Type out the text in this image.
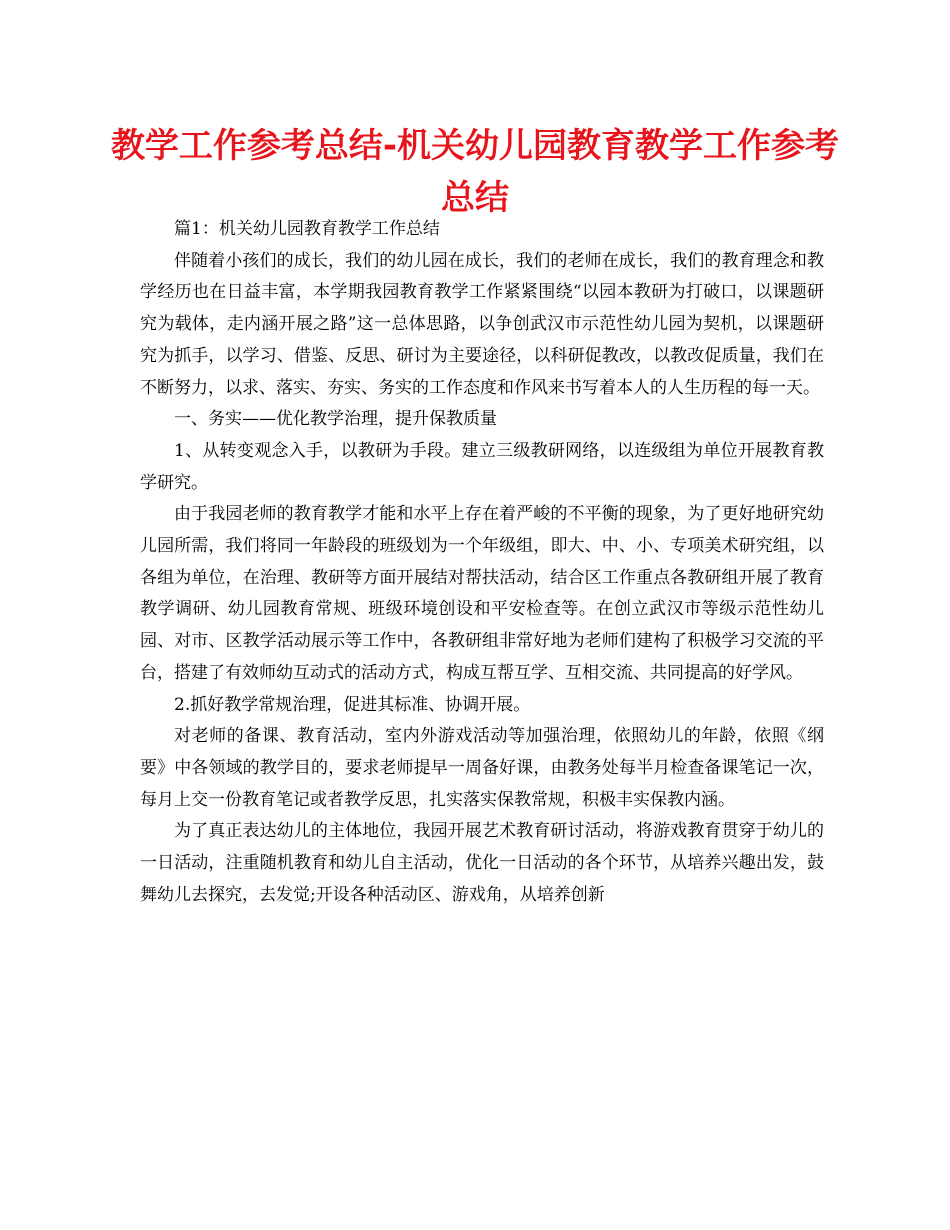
教学工作参考总结-机关幼儿园教育教学工作参考总结

篇1：机关幼儿园教育教学工作总结

伴随着小孩们的成长，我们的幼儿园在成长，我们的老师在成长，我们的教育理念和教学经历也在日益丰富，本学期我园教育教学工作紧紧围绕“以园本教研为打破口，以课题研究为载体，走内涵开展之路”这一总体思路，以争创武汉市示范性幼儿园为契机，以课题研究为抓手，以学习、借鉴、反思、研讨为主要途径，以科研促教改，以教改促质量，我们在不断努力，以求、落实、夯实、务实的工作态度和作风来书写着本人的人生历程的每一天。

一、务实——优化教学治理，提升保教质量

1、从转变观念入手，以教研为手段。建立三级教研网络，以连级组为单位开展教育教学研究。

由于我园老师的教育教学才能和水平上存在着严峻的不平衡的现象，为了更好地研究幼儿园所需，我们将同一年龄段的班级划为一个年级组，即大、中、小、专项美术研究组，以各组为单位，在治理、教研等方面开展结对帮扶活动，结合区工作重点各教研组开展了教育教学调研、幼儿园教育常规、班级环境创设和平安检查等。在创立武汉市等级示范性幼儿园、对市、区教学活动展示等工作中，各教研组非常好地为老师们建构了积极学习交流的平台，搭建了有效师幼互动式的活动方式，构成互帮互学、互相交流、共同提高的好学风。

2.抓好教学常规治理，促进其标准、协调开展。

对老师的备课、教育活动，室内外游戏活动等加强治理，依照幼儿的年龄，依照《纲要》中各领域的教学目的，要求老师提早一周备好课，由教务处每半月检查备课笔记一次，每月上交一份教育笔记或者教学反思，扎实落实保教常规，积极丰实保教内涵。

为了真正表达幼儿的主体地位，我园开展艺术教育研讨活动，将游戏教育贯穿于幼儿的一日活动，注重随机教育和幼儿自主活动，优化一日活动的各个环节，从培养兴趣出发，鼓舞幼儿去探究，去发觉;开设各种活动区、游戏角，从培养创新
